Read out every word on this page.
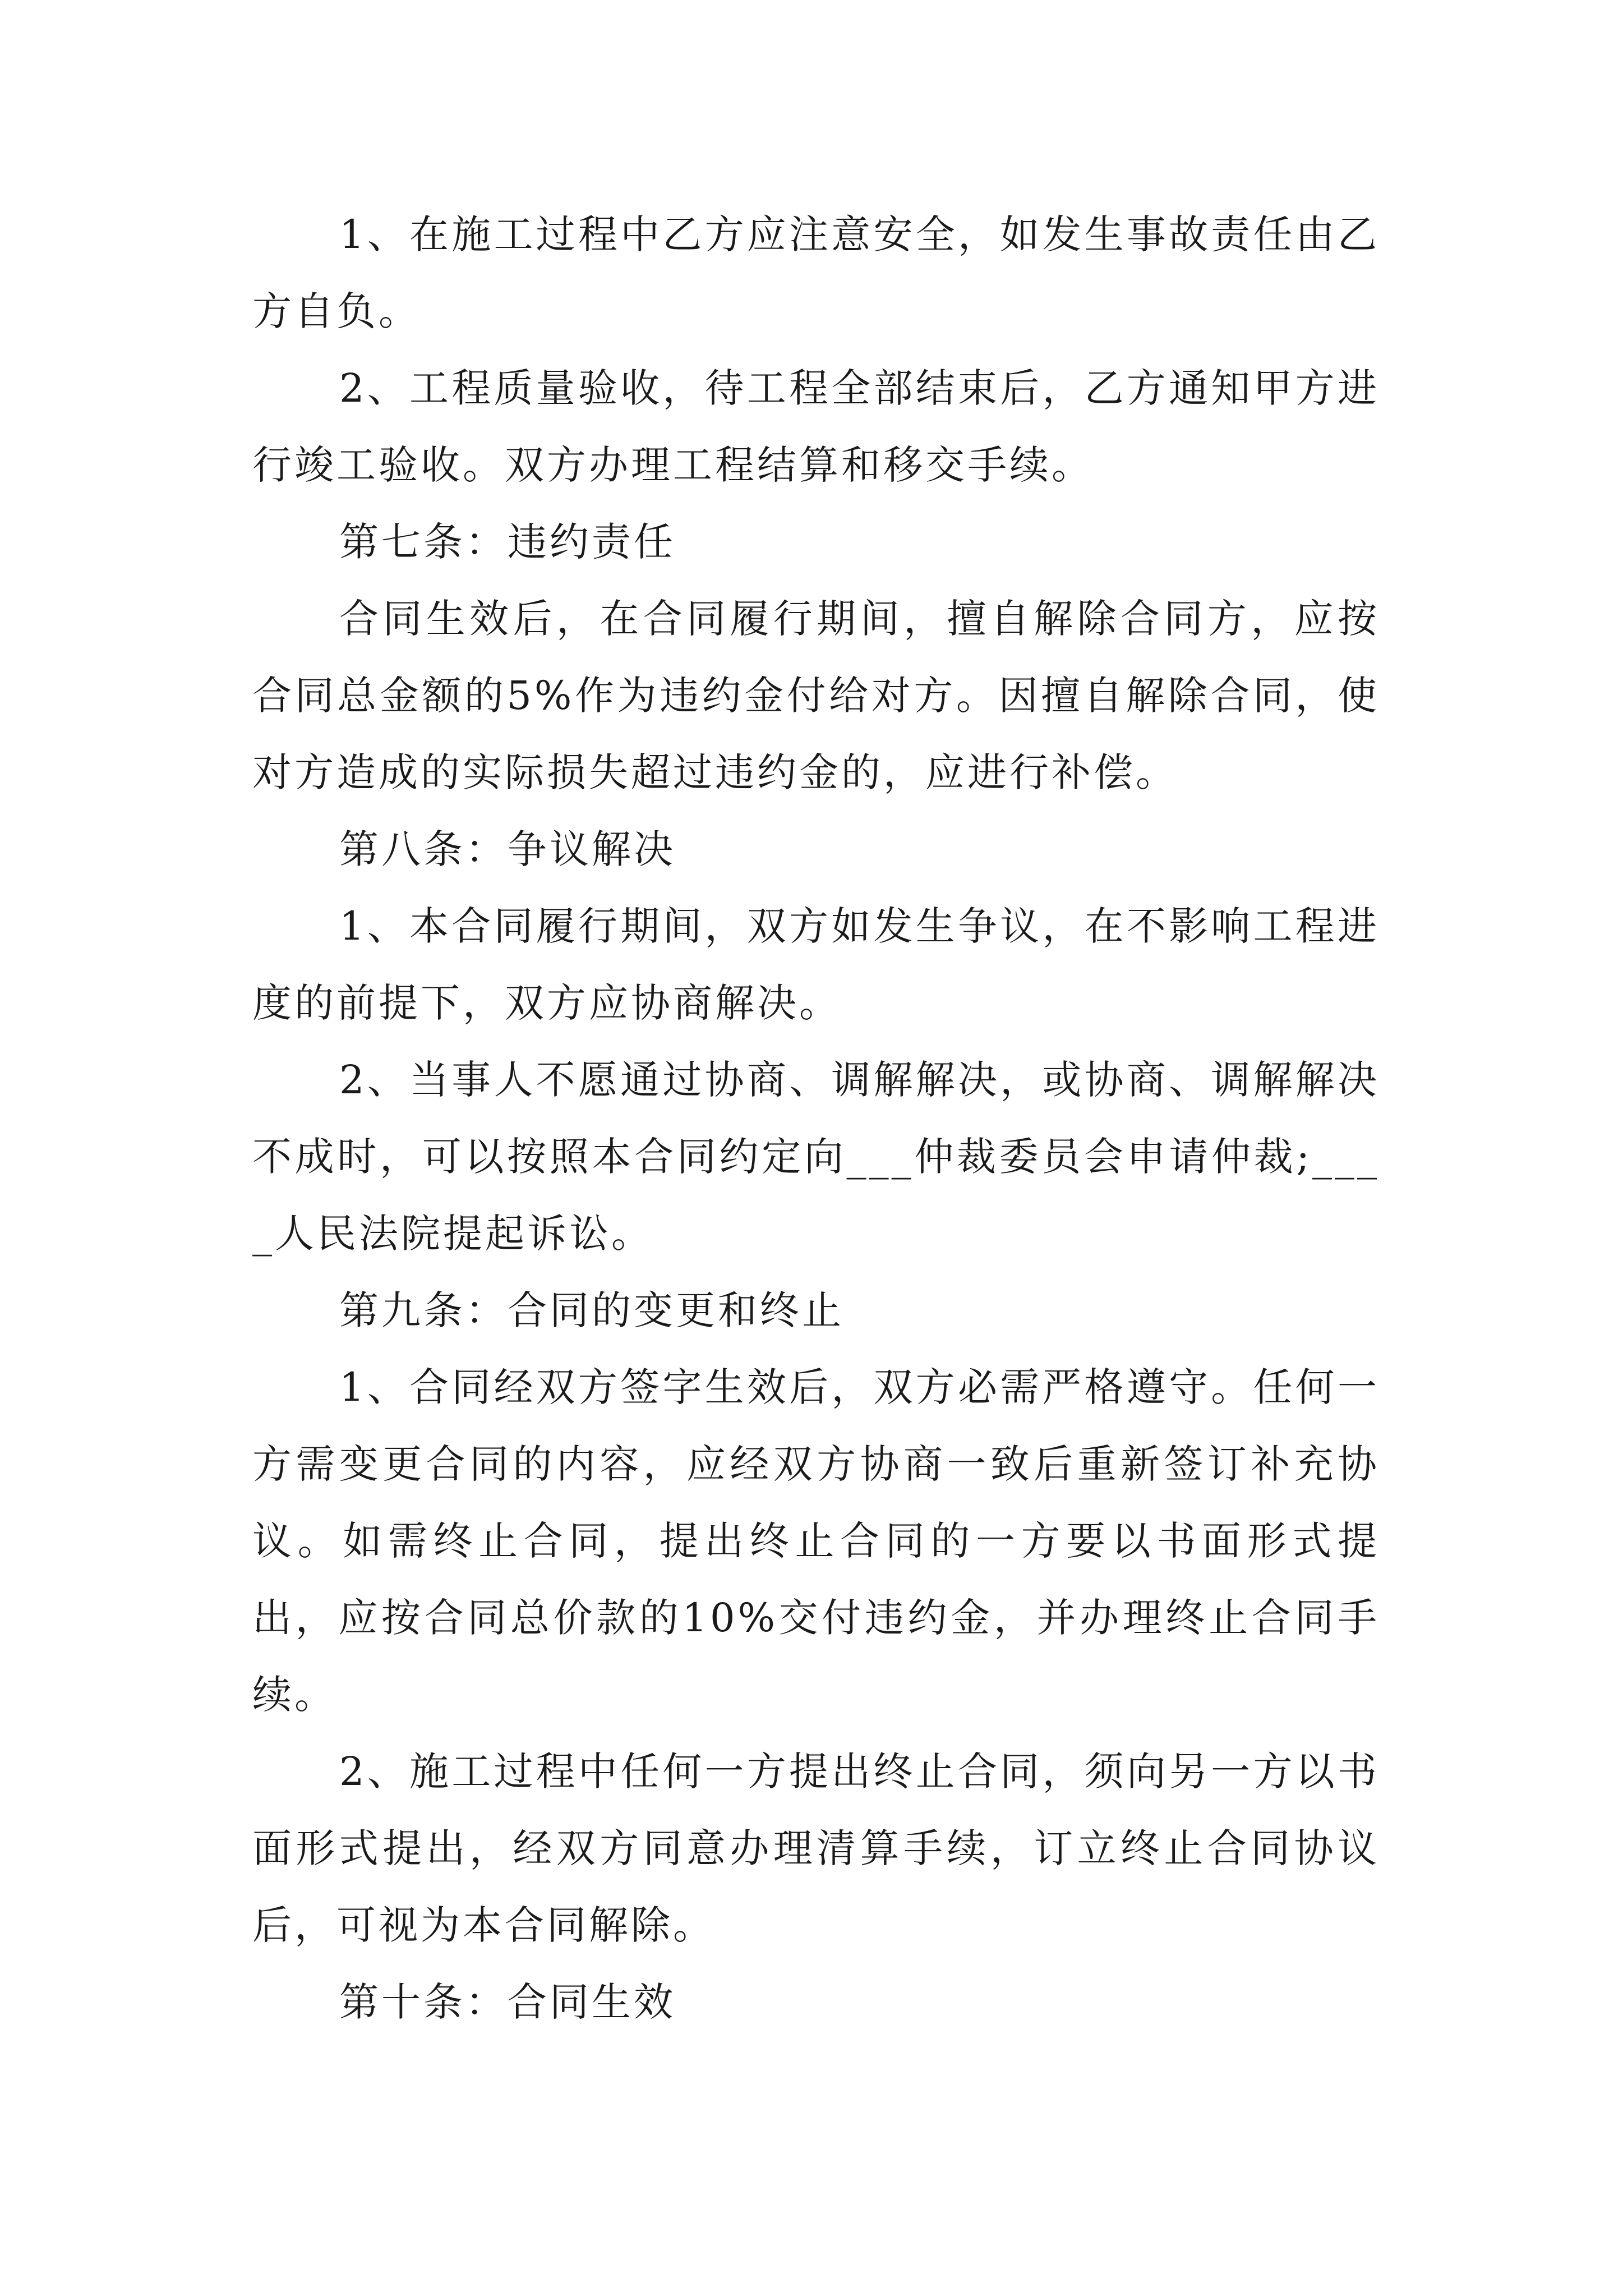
1、在施工过程中乙方应注意安全，如发生事故责任由乙方自负。

2、工程质量验收，待工程全部结束后，乙方通知甲方进行竣工验收。双方办理工程结算和移交手续。

第七条：违约责任

合同生效后，在合同履行期间，擅自解除合同方，应按合同总金额的5%作为违约金付给对方。因擅自解除合同，使对方造成的实际损失超过违约金的，应进行补偿。

第八条：争议解决

1、本合同履行期间，双方如发生争议，在不影响工程进度的前提下，双方应协商解决。

2、当事人不愿通过协商、调解解决，或协商、调解解决不成时，可以按照本合同约定向___仲裁委员会申请仲裁;____人民法院提起诉讼。

第九条：合同的变更和终止

1、合同经双方签字生效后，双方必需严格遵守。任何一方需变更合同的内容，应经双方协商一致后重新签订补充协议。如需终止合同，提出终止合同的一方要以书面形式提出，应按合同总价款的10%交付违约金，并办理终止合同手续。

2、施工过程中任何一方提出终止合同，须向另一方以书面形式提出，经双方同意办理清算手续，订立终止合同协议后，可视为本合同解除。

第十条：合同生效
